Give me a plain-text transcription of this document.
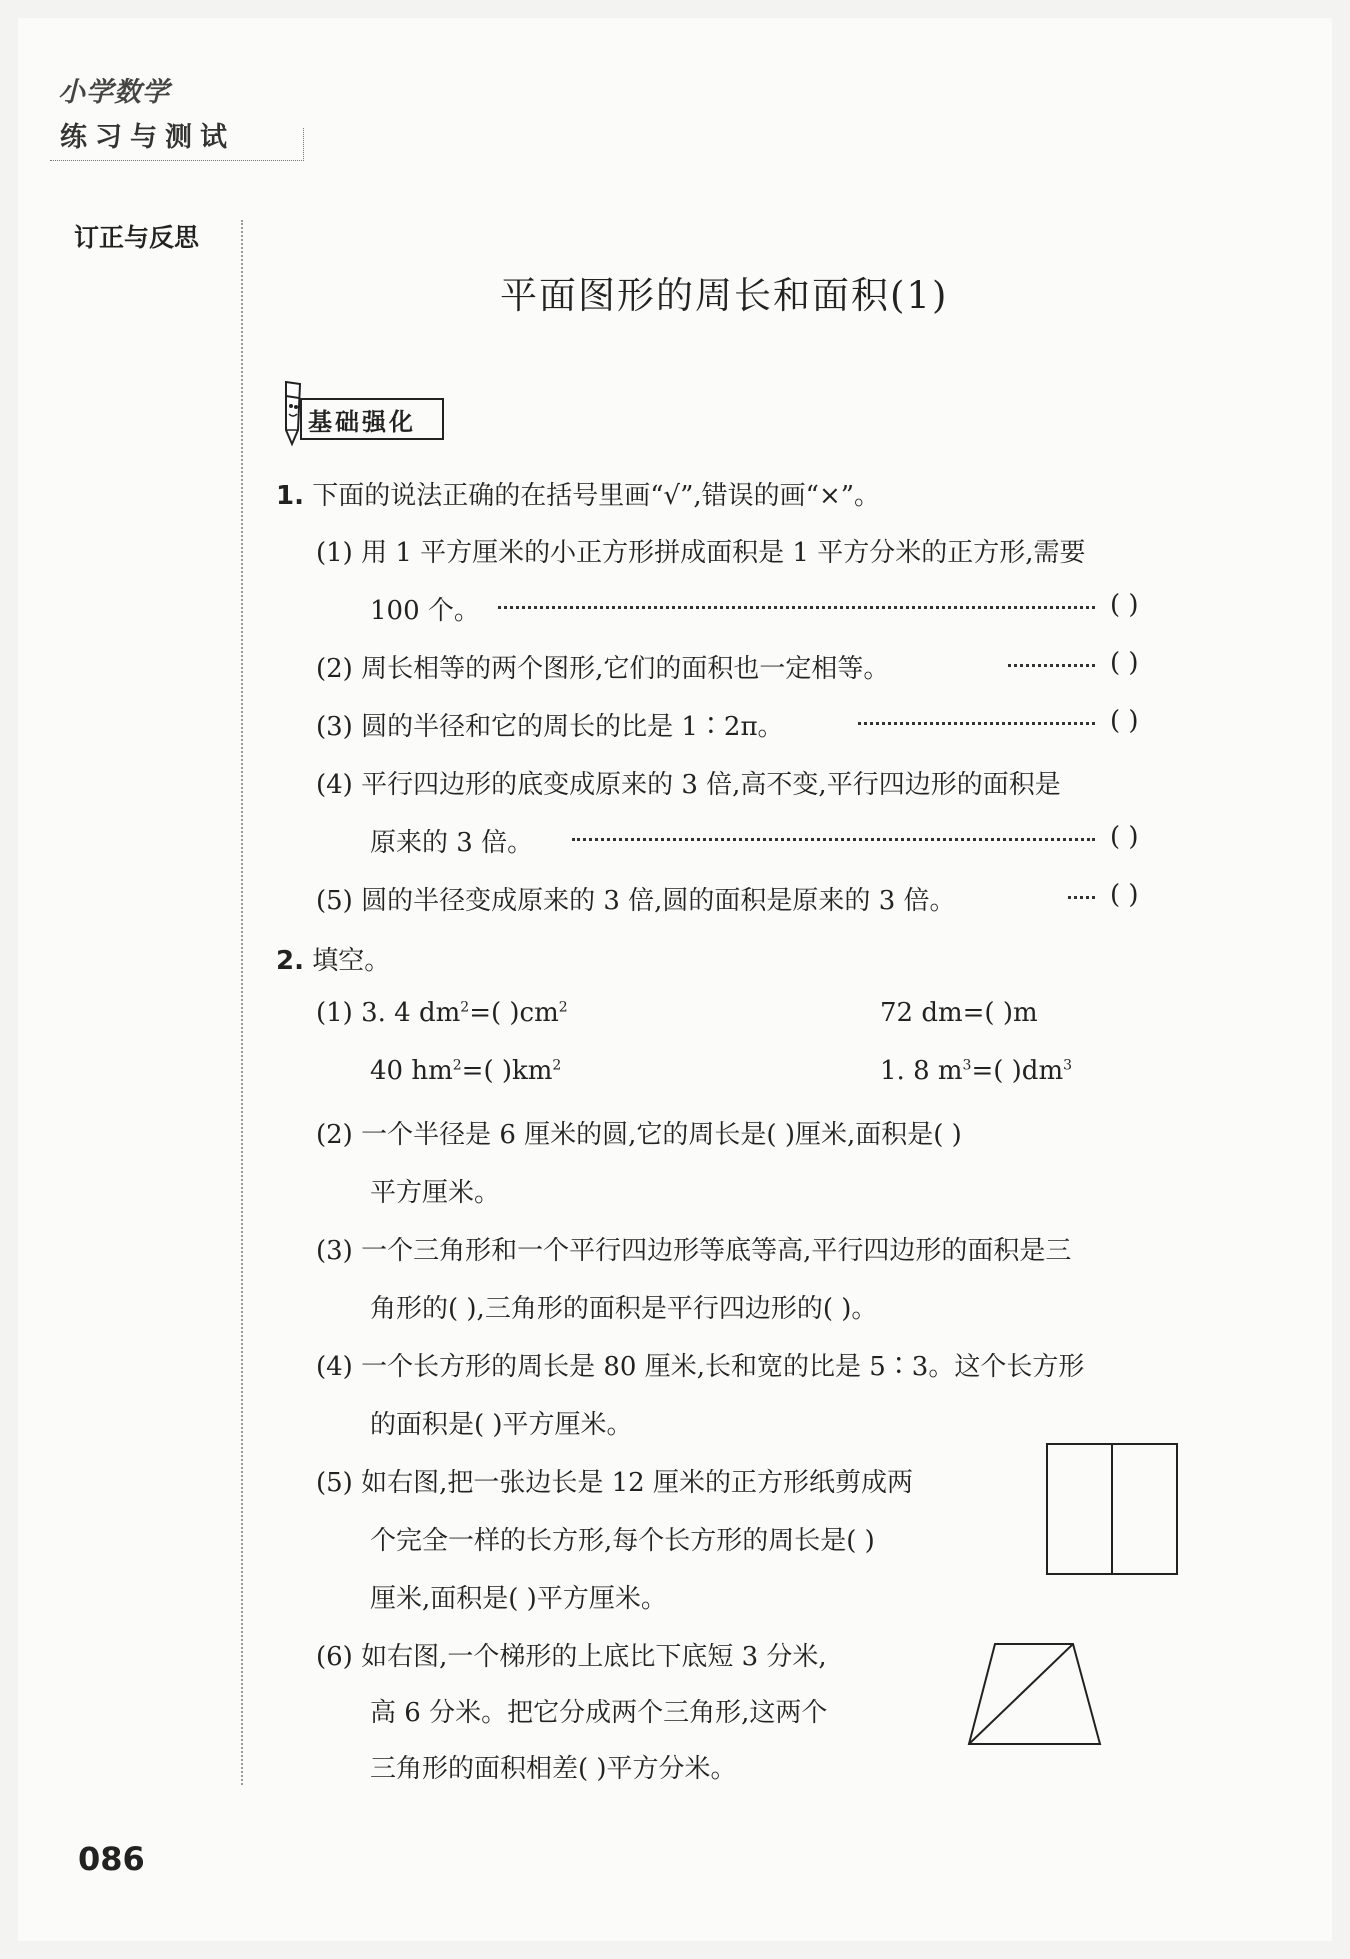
小学数学
练习与测试
订正与反思
平面图形的周长和面积(1)
基础强化
1. 下面的说法正确的在括号里画“√”,错误的画“×”。
(1) 用 1 平方厘米的小正方形拼成面积是 1 平方分米的正方形,需要
100 个。	( )
(2) 周长相等的两个图形,它们的面积也一定相等。	( )
(3) 圆的半径和它的周长的比是 1∶2π。	( )
(4) 平行四边形的底变成原来的 3 倍,高不变,平行四边形的面积是
原来的 3 倍。	( )
(5) 圆的半径变成原来的 3 倍,圆的面积是原来的 3 倍。	( )
2. 填空。
(1) 3. 4 $dm^2=$( )$cm^2$	72 dm=( )m
40 $hm^2=$( )$km^2$	1. 8 $m^3=$( )$dm^3$
(2) 一个半径是 6 厘米的圆,它的周长是( )厘米,面积是( )
平方厘米。
(3) 一个三角形和一个平行四边形等底等高,平行四边形的面积是三
角形的( ),三角形的面积是平行四边形的( )。
(4) 一个长方形的周长是 80 厘米,长和宽的比是 5∶3。这个长方形
的面积是( )平方厘米。
(5) 如右图,把一张边长是 12 厘米的正方形纸剪成两
个完全一样的长方形,每个长方形的周长是( )
厘米,面积是( )平方厘米。
(6) 如右图,一个梯形的上底比下底短 3 分米,
高 6 分米。把它分成两个三角形,这两个
三角形的面积相差( )平方分米。
086
